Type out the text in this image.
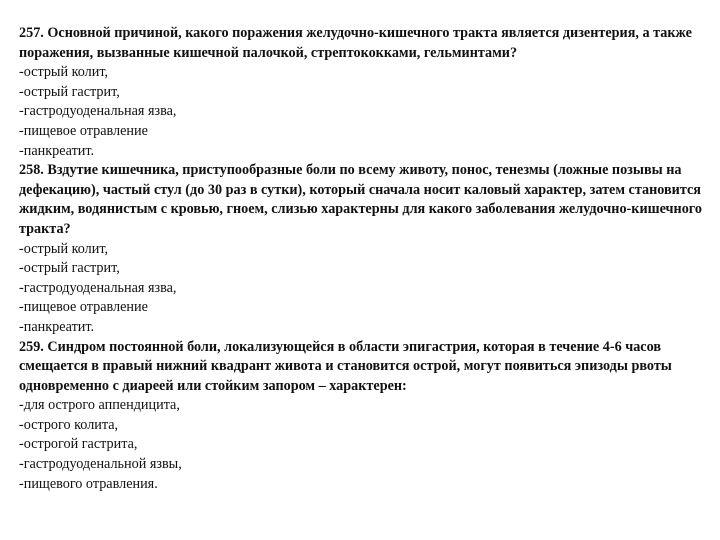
257. Основной причиной, какого поражения желудочно-кишечного тракта является дизентерия, а также поражения, вызванные кишечной палочкой, стрептококками, гельминтами?

-острый колит,
-острый гастрит,
-гастродуоденальная язва,
-пищевое отравление
-панкреатит.

258. Вздутие кишечника, приступообразные боли по всему животу, понос, тенезмы (ложные позывы на дефекацию), частый стул (до 30 раз в сутки), который сначала носит каловый характер, затем становится жидким, водянистым с кровью, гноем, слизью характерны для какого заболевания желудочно-кишечного тракта?

-острый колит,
-острый гастрит,
-гастродуоденальная язва,
-пищевое отравление
-панкреатит.

259. Синдром постоянной боли, локализующейся в области эпигастрия, которая в течение 4-6 часов смещается в правый нижний квадрант живота и становится острой, могут появиться эпизоды рвоты одновременно с диареей или стойким запором – характерен:

-для острого аппендицита,
-острого колита,
-острогой гастрита,
-гастродуоденальной язвы,
-пищевого отравления.
